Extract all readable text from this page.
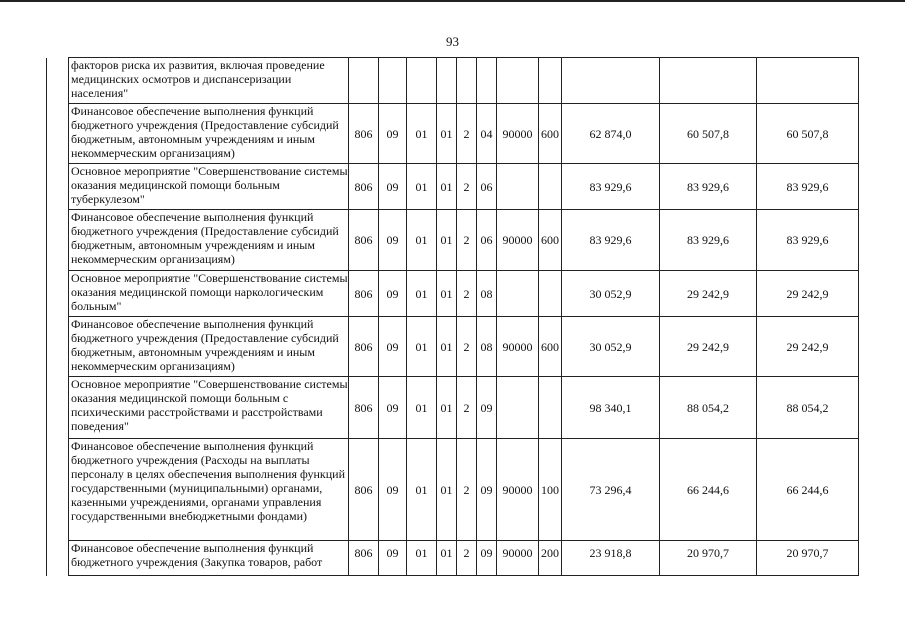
93
	факторов риска их развития, включая проведение медицинских осмотров и диспансеризации населения"											
	Финансовое обеспечение выполнения функций бюджетного учреждения (Предоставление субсидий бюджетным, автономным учреждениям и иным некоммерческим организациям)	806	09	01	01	2	04	90000	600	62 874,0	60 507,8	60 507,8
	Основное мероприятие "Совершенствование системы оказания медицинской помощи больным туберкулезом"	806	09	01	01	2	06			83 929,6	83 929,6	83 929,6
	Финансовое обеспечение выполнения функций бюджетного учреждения (Предоставление субсидий бюджетным, автономным учреждениям и иным некоммерческим организациям)	806	09	01	01	2	06	90000	600	83 929,6	83 929,6	83 929,6
	Основное мероприятие "Совершенствование системы оказания медицинской помощи наркологическим больным"	806	09	01	01	2	08			30 052,9	29 242,9	29 242,9
	Финансовое обеспечение выполнения функций бюджетного учреждения (Предоставление субсидий бюджетным, автономным учреждениям и иным некоммерческим организациям)	806	09	01	01	2	08	90000	600	30 052,9	29 242,9	29 242,9
	Основное мероприятие "Совершенствование системы оказания медицинской помощи больным с психическими расстройствами и расстройствами поведения"	806	09	01	01	2	09			98 340,1	88 054,2	88 054,2
	Финансовое обеспечение выполнения функций бюджетного учреждения (Расходы на выплаты персоналу в целях обеспечения выполнения функций государственными (муниципальными) органами, казенными учреждениями, органами управления государственными внебюджетными фондами)	806	09	01	01	2	09	90000	100	73 296,4	66 244,6	66 244,6
	Финансовое обеспечение выполнения функций бюджетного учреждения (Закупка товаров, работ	806	09	01	01	2	09	90000	200	23 918,8	20 970,7	20 970,7
